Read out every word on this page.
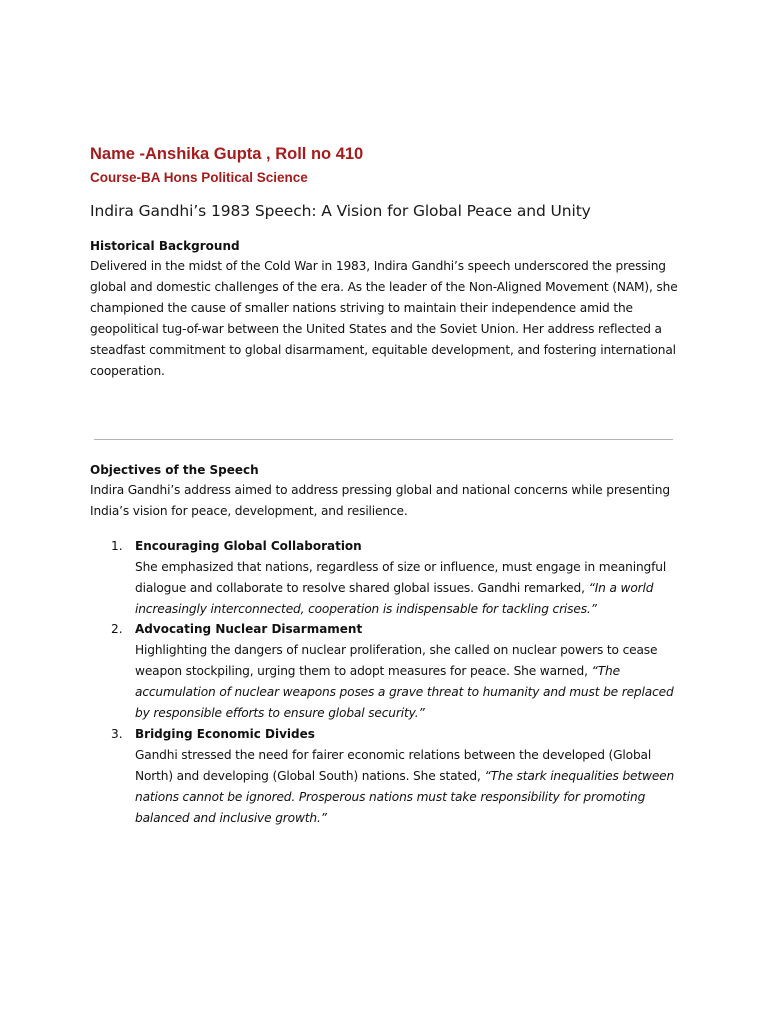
Name -Anshika Gupta , Roll no 410

Course-BA Hons Political Science

Indira Gandhi’s 1983 Speech: A Vision for Global Peace and Unity
Historical Background

Delivered in the midst of the Cold War in 1983, Indira Gandhi’s speech underscored the pressing global and domestic challenges of the era. As the leader of the Non-Aligned Movement (NAM), she championed the cause of smaller nations striving to maintain their independence amid the geopolitical tug-of-war between the United States and the Soviet Union. Her address reflected a steadfast commitment to global disarmament, equitable development, and fostering international cooperation.

Objectives of the Speech

Indira Gandhi’s address aimed to address pressing global and national concerns while presenting India’s vision for peace, development, and resilience.

1. Encouraging Global Collaboration

She emphasized that nations, regardless of size or influence, must engage in meaningful dialogue and collaborate to resolve shared global issues. Gandhi remarked, “In a world increasingly interconnected, cooperation is indispensable for tackling crises.”

2. Advocating Nuclear Disarmament

Highlighting the dangers of nuclear proliferation, she called on nuclear powers to cease weapon stockpiling, urging them to adopt measures for peace. She warned, “The accumulation of nuclear weapons poses a grave threat to humanity and must be replaced by responsible efforts to ensure global security.”

3. Bridging Economic Divides

Gandhi stressed the need for fairer economic relations between the developed (Global North) and developing (Global South) nations. She stated, “The stark inequalities between nations cannot be ignored. Prosperous nations must take responsibility for promoting balanced and inclusive growth.”
